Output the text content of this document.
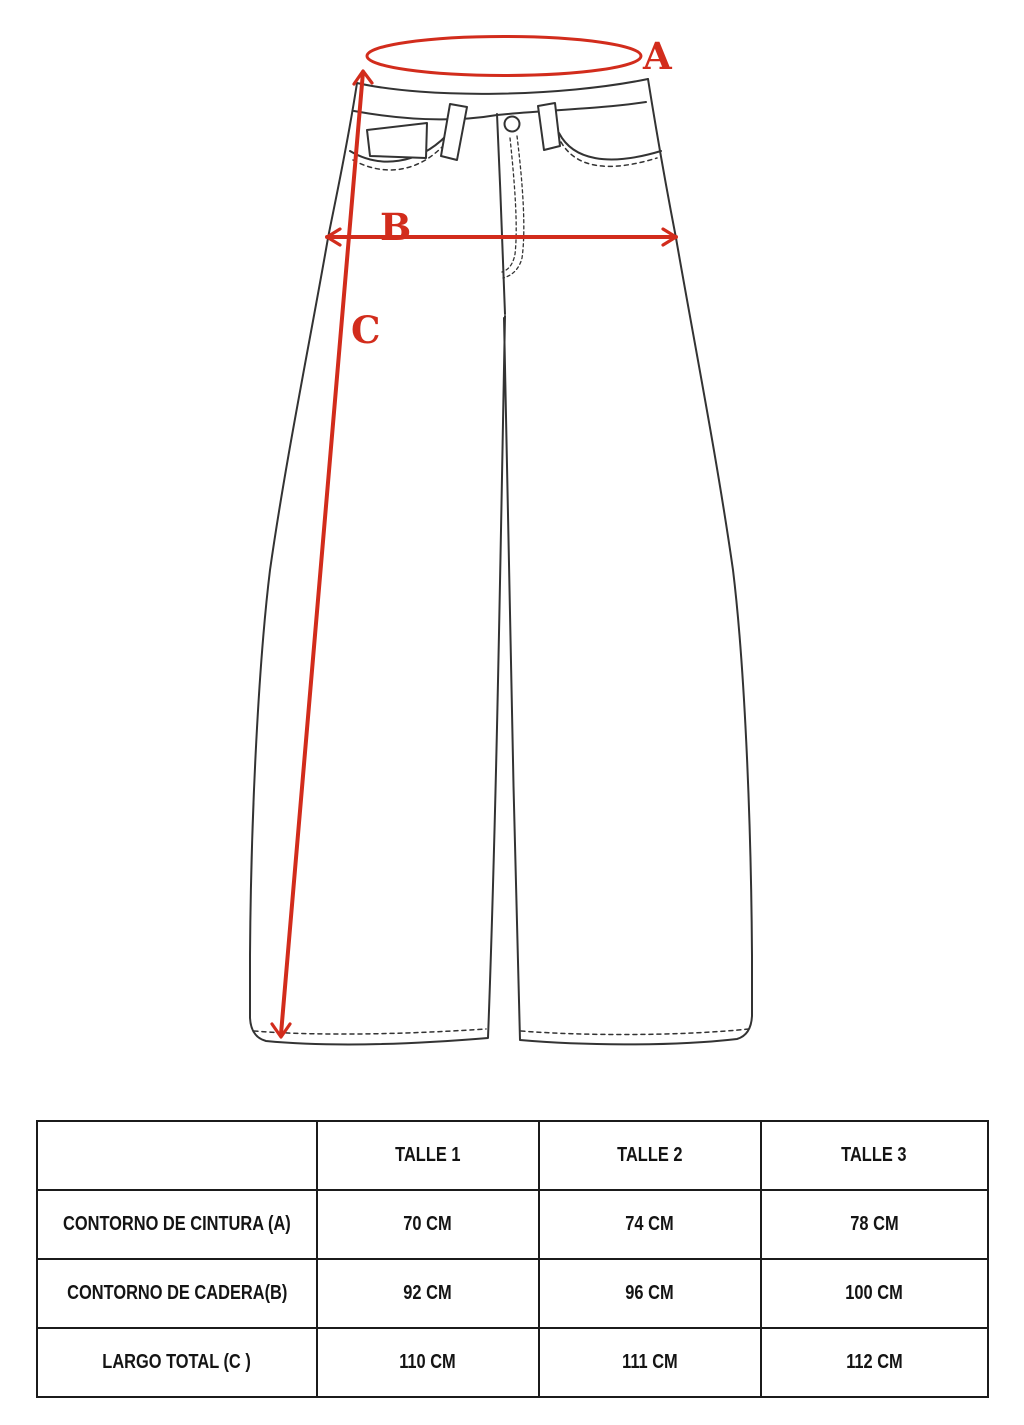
A
B
C
	TALLE 1	TALLE 2	TALLE 3
CONTORNO DE CINTURA (A)	70 CM	74 CM	78 CM
CONTORNO DE CADERA(B)	92 CM	96 CM	100 CM
LARGO TOTAL (C )	110 CM	111 CM	112 CM
